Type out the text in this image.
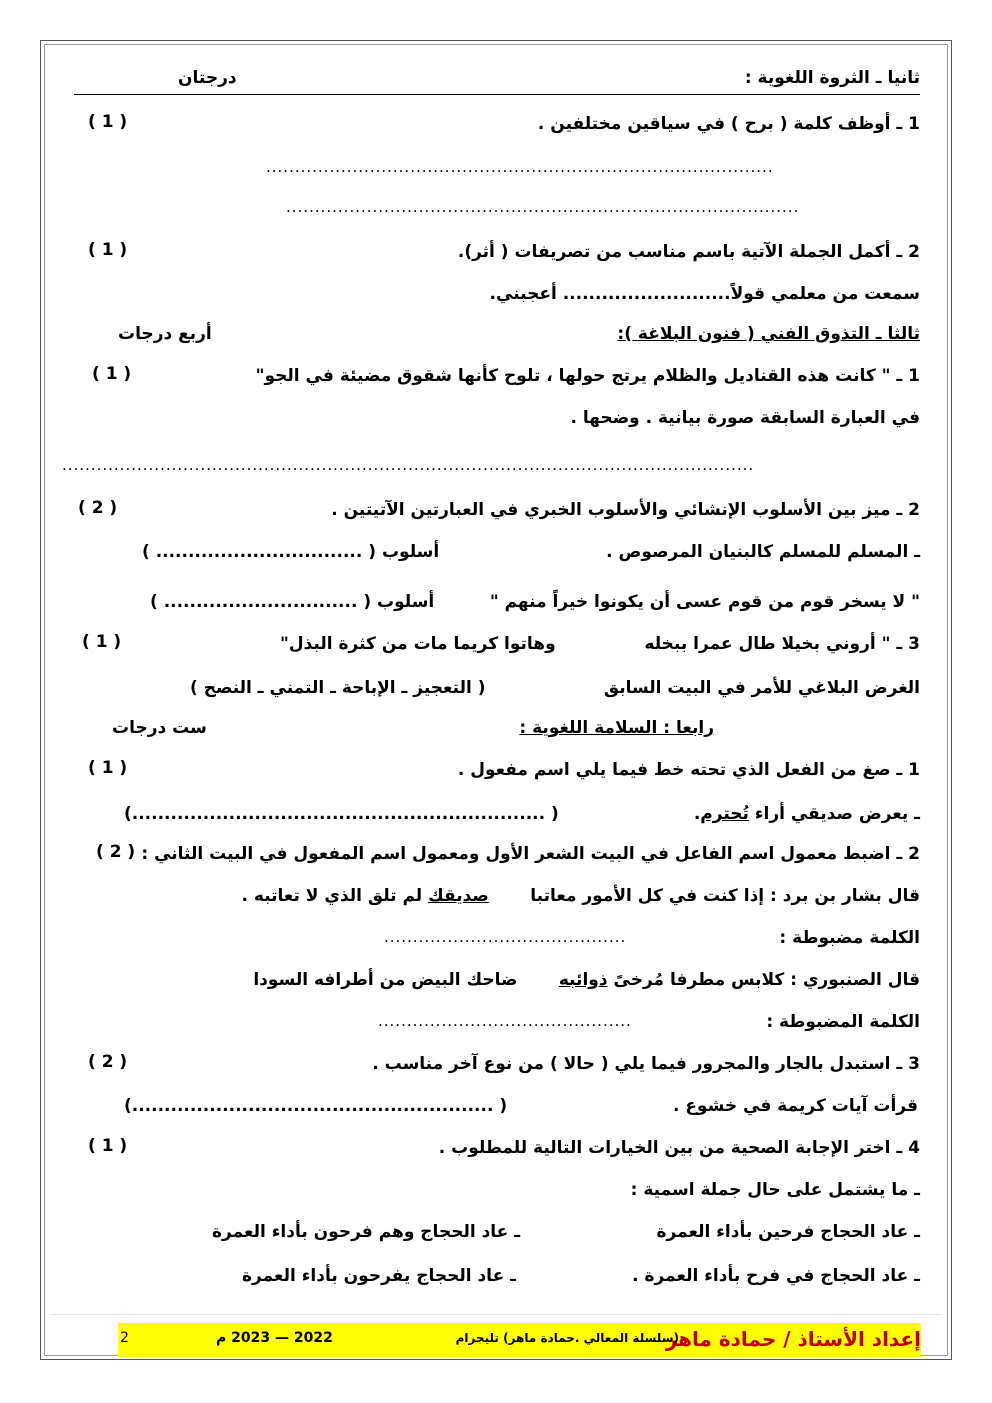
ثانيا ـ الثروة اللغوية :
درجتان
1 ـ أوظف كلمة ( برح ) في سياقين مختلفين .
( 1 )
........................................................................................
.........................................................................................
2 ـ أكمل الجملة الآتية باسم مناسب من تصريفات ( أثر).
( 1 )
سمعت من معلمي قولاً.......................... أعجبني.
ثالثا ـ التذوق الفني ( فنون البلاغة ):
أربع درجات
1 ـ " كانت هذه القناديل والظلام يرتج حولها ، تلوح كأنها شقوق مضيئة في الجو"
( 1 )
في العبارة السابقة صورة بيانية . وضحها .
........................................................................................................................
2 ـ ميز بين الأسلوب الإنشائي والأسلوب الخبري في العبارتين الآتيتين .
( 2 )
ـ المسلم للمسلم كالبنيان المرصوص .
أسلوب ( ................................ )
" لا يسخر قوم من قوم عسى أن يكونوا خيراً منهم "
أسلوب ( .............................. )
3 ـ " أروني بخيلا طال عمرا ببخله
وهاتوا كريما مات من كثرة البذل"
( 1 )
الغرض البلاغي للأمر في البيت السابق
( التعجيز ـ الإباحة ـ التمني ـ النصح )
رابعا : السلامة اللغوية :
ست درجات
1 ـ صغ من الفعل الذي تحته خط فيما يلي اسم مفعول .
( 1 )
ـ يعرض صديقي أراء تُحترم.
( ................................................................)
2 ـ اضبط معمول اسم الفاعل في البيت الشعر الأول ومعمول اسم المفعول في البيت الثاني :
( 2 )
قال بشار بن برد : إذا كنت في كل الأمور معاتبا       صديقك لم تلق الذي لا تعاتبه .
الكلمة مضبوطة :
..........................................
قال الصنبوري : كلابس مطرفا مُرخىً ذوائبه       ضاحك البيض من أطرافه السودا
الكلمة المضبوطة :
............................................
3 ـ استبدل بالجار والمجرور فيما يلي ( حالا ) من نوع آخر مناسب .
( 2 )
قرأت آيات كريمة في خشوع .
( ........................................................)
4 ـ اختر الإجابة الصحية من بين الخيارات التالية للمطلوب .
( 1 )
ـ ما يشتمل على حال جملة اسمية :
ـ عاد الحجاج فرحين بأداء العمرة
ـ عاد الحجاج وهم فرحون بأداء العمرة
ـ عاد الحجاج في فرح بأداء العمرة .
ـ عاد الحجاج يفرحون بأداء العمرة
إعداد الأستاذ / حمادة ماهر
(سلسلة المعالي .حمادة ماهر) تليجرام
2022 — 2023 م
2
